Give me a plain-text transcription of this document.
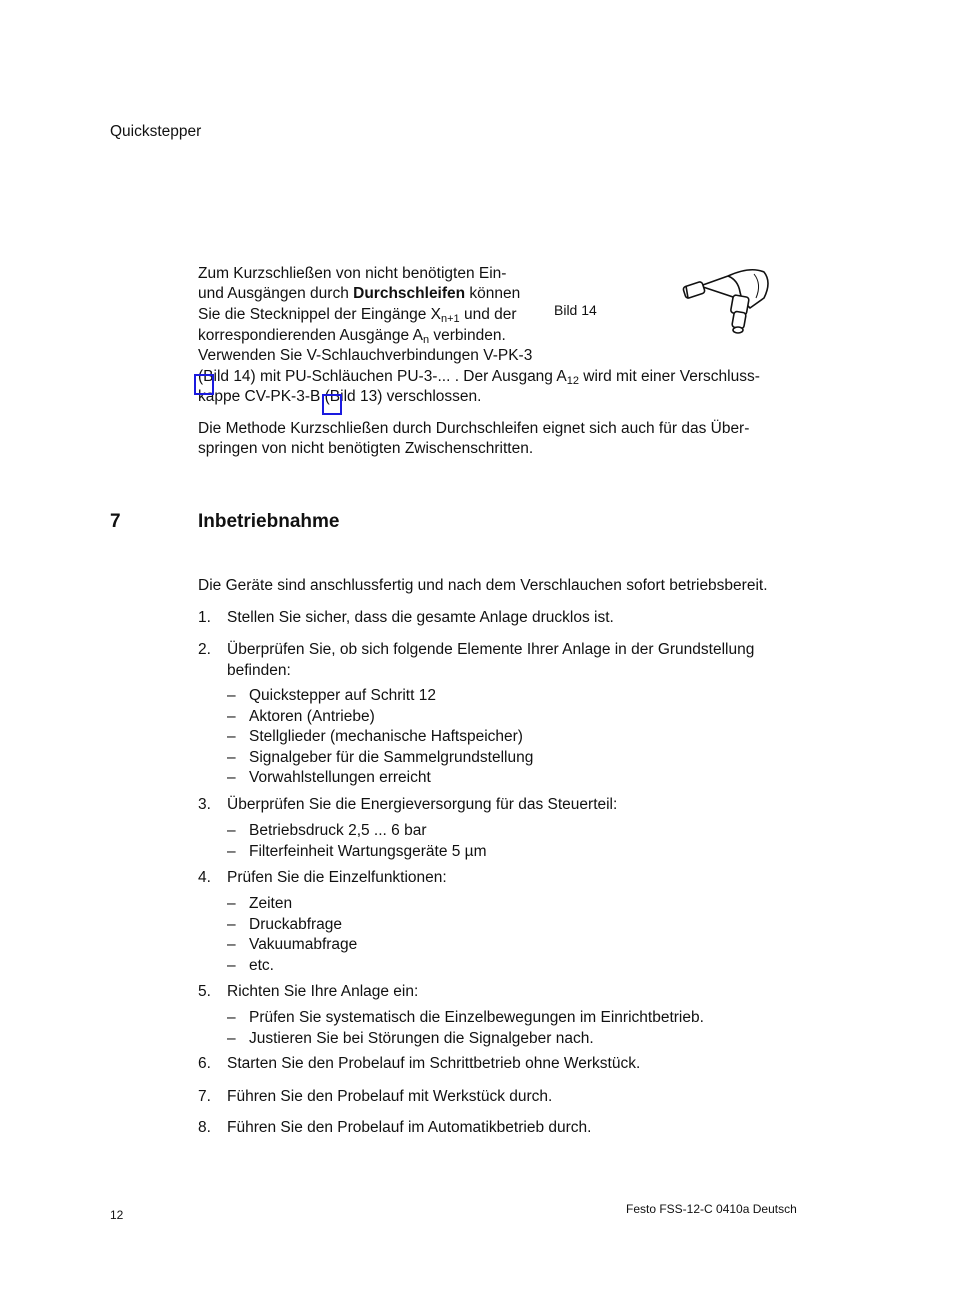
Quickstepper
Zum Kurzschließen von nicht benötigten Ein-
und Ausgängen durch Durchschleifen können
Sie die Stecknippel der Eingänge $X_{n+1}$ und der
korrespondierenden Ausgänge $A_n$ verbinden.
Verwenden Sie V-Schlauchverbindungen V-PK-3
(Bild 14) mit PU-Schläuchen PU-3-... . Der Ausgang $A_{12}$ wird mit einer Verschluss-
kappe CV-PK-3-B (Bild 13) verschlossen.
Bild 14
Die Methode Kurzschließen durch Durchschleifen eignet sich auch für das Über-
springen von nicht benötigten Zwischenschritten.
7	Inbetriebnahme
Die Geräte sind anschlussfertig und nach dem Verschlauchen sofort betriebsbereit.
1. Stellen Sie sicher, dass die gesamte Anlage drucklos ist.
2. Überprüfen Sie, ob sich folgende Elemente Ihrer Anlage in der Grundstellung
befinden:
– Quickstepper auf Schritt 12
– Aktoren (Antriebe)
– Stellglieder (mechanische Haftspeicher)
– Signalgeber für die Sammelgrundstellung
– Vorwahlstellungen erreicht
3. Überprüfen Sie die Energieversorgung für das Steuerteil:
– Betriebsdruck 2,5 ... 6 bar
– Filterfeinheit Wartungsgeräte 5 µm
4. Prüfen Sie die Einzelfunktionen:
– Zeiten
– Druckabfrage
– Vakuumabfrage
– etc.
5. Richten Sie Ihre Anlage ein:
– Prüfen Sie systematisch die Einzelbewegungen im Einrichtbetrieb.
– Justieren Sie bei Störungen die Signalgeber nach.
6. Starten Sie den Probelauf im Schrittbetrieb ohne Werkstück.
7. Führen Sie den Probelauf mit Werkstück durch.
8. Führen Sie den Probelauf im Automatikbetrieb durch.
12	Festo FSS-12-C 0410a Deutsch
